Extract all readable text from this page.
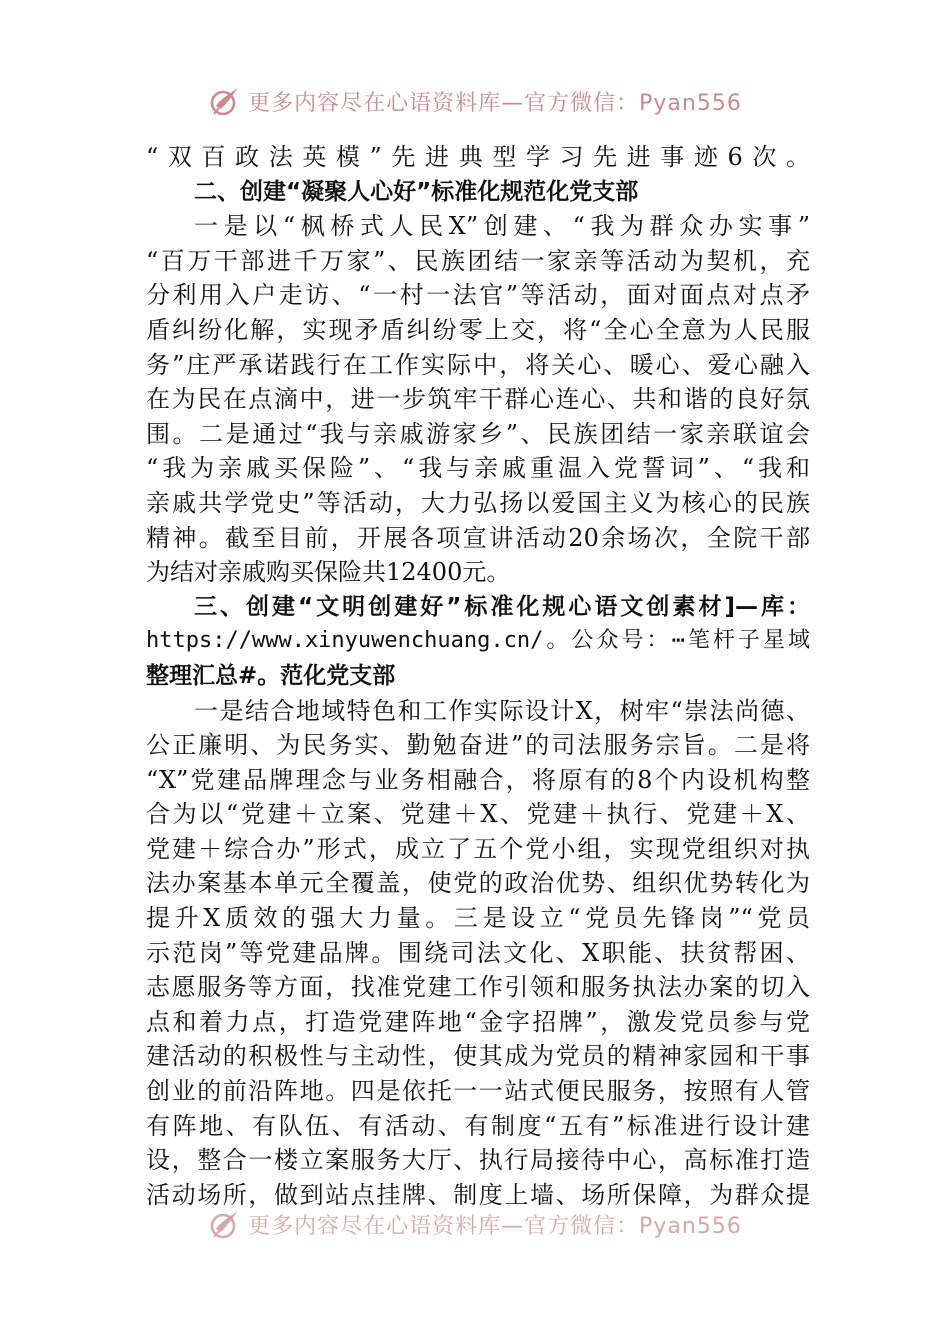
更多内容尽在心语资料库—官方微信：Pyan556
“双百政法英模”先进典型学习先进事迹6次。
二、创建“凝聚人心好”标准化规范化党支部
一是以“枫桥式人民X”创建、“我为群众办实事”
“百万干部进千万家”、民族团结一家亲等活动为契机，充
分利用入户走访、“一村一法官”等活动，面对面点对点矛
盾纠纷化解，实现矛盾纠纷零上交，将“全心全意为人民服
务”庄严承诺践行在工作实际中，将关心、暖心、爱心融入
在为民在点滴中，进一步筑牢干群心连心、共和谐的良好氛
围。二是通过“我与亲戚游家乡”、民族团结一家亲联谊会
“我为亲戚买保险”、“我与亲戚重温入党誓词”、“我和
亲戚共学党史”等活动，大力弘扬以爱国主义为核心的民族
精神。截至目前，开展各项宣讲活动20余场次，全院干部
为结对亲戚购买保险共12400元。
三、创建“文明创建好”标准化规心语文创素材]—库：
https://www.xinyuwenchuang.cn/。公众号：⋯笔杆子星域
整理汇总#。范化党支部
一是结合地域特色和工作实际设计X，树牢“崇法尚德、
公正廉明、为民务实、勤勉奋进”的司法服务宗旨。二是将
“X”党建品牌理念与业务相融合，将原有的8个内设机构整
合为以“党建＋立案、党建＋X、党建＋执行、党建＋X、
党建＋综合办”形式，成立了五个党小组，实现党组织对执
法办案基本单元全覆盖，使党的政治优势、组织优势转化为
提升X质效的强大力量。三是设立“党员先锋岗”“党员
示范岗”等党建品牌。围绕司法文化、X职能、扶贫帮困、
志愿服务等方面，找准党建工作引领和服务执法办案的切入
点和着力点，打造党建阵地“金字招牌”，激发党员参与党
建活动的积极性与主动性，使其成为党员的精神家园和干事
创业的前沿阵地。四是依托一一站式便民服务，按照有人管
有阵地、有队伍、有活动、有制度“五有”标准进行设计建
设，整合一楼立案服务大厅、执行局接待中心，高标准打造
活动场所，做到站点挂牌、制度上墙、场所保障，为群众提
更多内容尽在心语资料库—官方微信：Pyan556
